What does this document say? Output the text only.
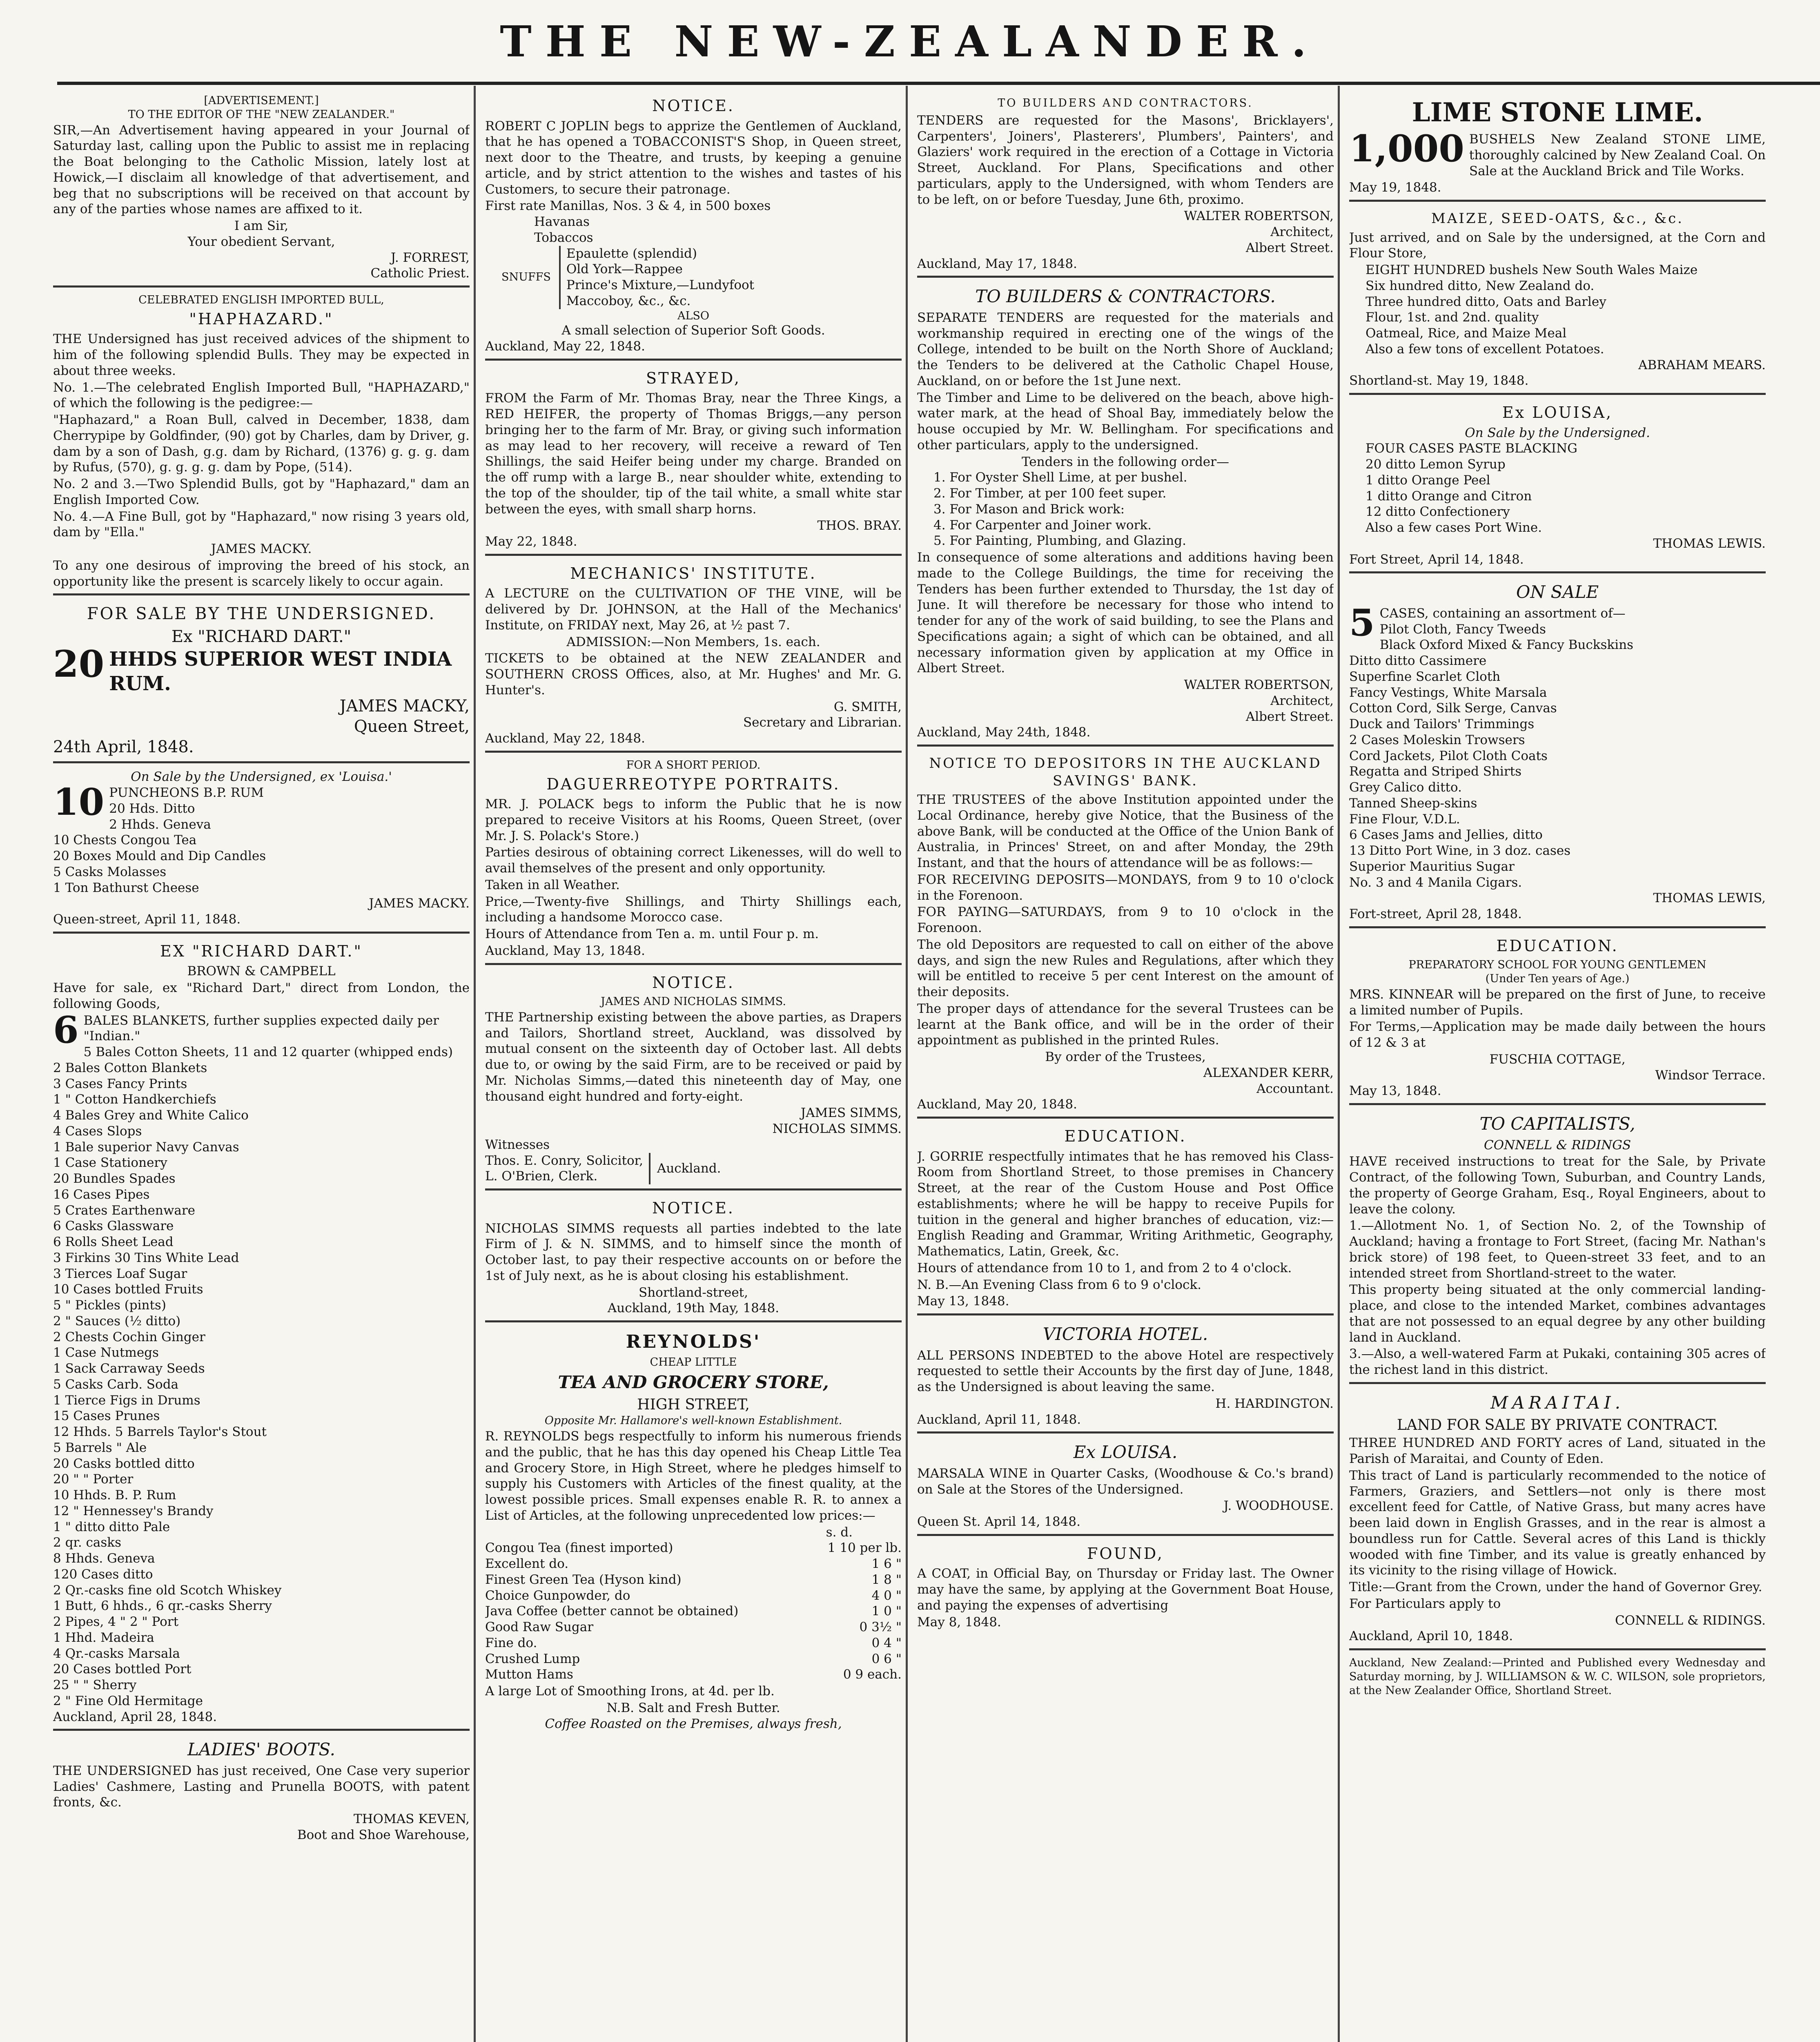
THE NEW-ZEALANDER.
[ADVERTISEMENT.]
TO THE EDITOR OF THE "NEW ZEALANDER."
SIR,—An Advertisement having appeared in your Journal of Saturday last, calling upon the Public to assist me in replacing the Boat belonging to the Catholic Mission, lately lost at Howick,—I disclaim all knowledge of that advertisement, and beg that no subscriptions will be received on that account by any of the parties whose names are affixed to it.
I am Sir,
Your obedient Servant,
J. FORREST,
Catholic Priest.
CELEBRATED ENGLISH IMPORTED BULL,
"HAPHAZARD."
THE Undersigned has just received advices of the shipment to him of the following splendid Bulls. They may be expected in about three weeks.
No. 1.—The celebrated English Imported Bull, "HAPHAZARD," of which the following is the pedigree:—
"Haphazard," a Roan Bull, calved in December, 1838, dam Cherrypipe by Goldfinder, (90) got by Charles, dam by Driver, g. dam by a son of Dash, g.g. dam by Richard, (1376) g. g. g. dam by Rufus, (570), g. g. g. g. dam by Pope, (514).
No. 2 and 3.—Two Splendid Bulls, got by "Haphazard," dam an English Imported Cow.
No. 4.—A Fine Bull, got by "Haphazard," now rising 3 years old, dam by "Ella."
JAMES MACKY.
To any one desirous of improving the breed of his stock, an opportunity like the present is scarcely likely to occur again.
FOR SALE BY THE UNDERSIGNED.
Ex "RICHARD DART."
20 HHDS SUPERIOR WEST INDIA RUM.
JAMES MACKY,
Queen Street,
24th April, 1848.
On Sale by the Undersigned, ex 'Louisa.'
10 PUNCHEONS B.P. RUM
20 Hds. Ditto
2 Hhds. Geneva
10 Chests Congou Tea
20 Boxes Mould and Dip Candles
5 Casks Molasses
1 Ton Bathurst Cheese
JAMES MACKY.
Queen-street, April 11, 1848.
EX "RICHARD DART."
BROWN & CAMPBELL
Have for sale, ex "Richard Dart," direct from London, the following Goods,
6 BALES BLANKETS, further supplies expected daily per "Indian."
5 Bales Cotton Sheets, 11 and 12 quarter (whipped ends)
2 Bales Cotton Blankets
3 Cases Fancy Prints
1 " Cotton Handkerchiefs
4 Bales Grey and White Calico
4 Cases Slops
1 Bale superior Navy Canvas
1 Case Stationery
20 Bundles Spades
16 Cases Pipes
5 Crates Earthenware
6 Casks Glassware
6 Rolls Sheet Lead
3 Firkins 30 Tins White Lead
3 Tierces Loaf Sugar
10 Cases bottled Fruits
5 " Pickles (pints)
2 " Sauces (½ ditto)
2 Chests Cochin Ginger
1 Case Nutmegs
1 Sack Carraway Seeds
5 Casks Carb. Soda
1 Tierce Figs in Drums
15 Cases Prunes
12 Hhds. 5 Barrels Taylor's Stout
5 Barrels " Ale
20 Casks bottled ditto
20 " " Porter
10 Hhds. B. P. Rum
12 " Hennessey's Brandy
1 " ditto ditto Pale
2 qr. casks
8 Hhds. Geneva
120 Cases ditto
2 Qr.-casks fine old Scotch Whiskey
1 Butt, 6 hhds., 6 qr.-casks Sherry
2 Pipes, 4 " 2 " Port
1 Hhd. Madeira
4 Qr.-casks Marsala
20 Cases bottled Port
25 " " Sherry
2 " Fine Old Hermitage
Auckland, April 28, 1848.
LADIES' BOOTS.
THE UNDERSIGNED has just received, One Case very superior Ladies' Cashmere, Lasting and Prunella BOOTS, with patent fronts, &c.
THOMAS KEVEN,
Boot and Shoe Warehouse,
NOTICE.
ROBERT C JOPLIN begs to apprize the Gentlemen of Auckland, that he has opened a TOBACCONIST'S Shop, in Queen street, next door to the Theatre, and trusts, by keeping a genuine article, and by strict attention to the wishes and tastes of his Customers, to secure their patronage.
First rate Manillas, Nos. 3 & 4, in 500 boxes
Havanas
Tobaccos
SNUFFS
Epaulette (splendid)
Old York—Rappee
Prince's Mixture,—Lundyfoot
Maccoboy, &c., &c.
ALSO
A small selection of Superior Soft Goods.
Auckland, May 22, 1848.
STRAYED,
FROM the Farm of Mr. Thomas Bray, near the Three Kings, a RED HEIFER, the property of Thomas Briggs,—any person bringing her to the farm of Mr. Bray, or giving such information as may lead to her recovery, will receive a reward of Ten Shillings, the said Heifer being under my charge. Branded on the off rump with a large B., near shoulder white, extending to the top of the shoulder, tip of the tail white, a small white star between the eyes, with small sharp horns.
THOS. BRAY.
May 22, 1848.
MECHANICS' INSTITUTE.
A LECTURE on the CULTIVATION OF THE VINE, will be delivered by Dr. JOHNSON, at the Hall of the Mechanics' Institute, on FRIDAY next, May 26, at ½ past 7.
ADMISSION:—Non Members, 1s. each.
TICKETS to be obtained at the NEW ZEALANDER and SOUTHERN CROSS Offices, also, at Mr. Hughes' and Mr. G. Hunter's.
G. SMITH,
Secretary and Librarian.
Auckland, May 22, 1848.
FOR A SHORT PERIOD.
DAGUERREOTYPE PORTRAITS.
MR. J. POLACK begs to inform the Public that he is now prepared to receive Visitors at his Rooms, Queen Street, (over Mr. J. S. Polack's Store.)
Parties desirous of obtaining correct Likenesses, will do well to avail themselves of the present and only opportunity.
Taken in all Weather.
Price,—Twenty-five Shillings, and Thirty Shillings each, including a handsome Morocco case.
Hours of Attendance from Ten a. m. until Four p. m.
Auckland, May 13, 1848.
NOTICE.
JAMES AND NICHOLAS SIMMS.
THE Partnership existing between the above parties, as Drapers and Tailors, Shortland street, Auckland, was dissolved by mutual consent on the sixteenth day of October last. All debts due to, or owing by the said Firm, are to be received or paid by Mr. Nicholas Simms,—dated this nineteenth day of May, one thousand eight hundred and forty-eight.
JAMES SIMMS,
NICHOLAS SIMMS.
Witnesses
Thos. E. Conry, Solicitor,
L. O'Brien, Clerk.
Auckland.
NOTICE.
NICHOLAS SIMMS requests all parties indebted to the late Firm of J. & N. SIMMS, and to himself since the month of October last, to pay their respective accounts on or before the 1st of July next, as he is about closing his establishment.
Shortland-street,
Auckland, 19th May, 1848.
REYNOLDS'
CHEAP LITTLE
TEA AND GROCERY STORE,
HIGH STREET,
Opposite Mr. Hallamore's well-known Establishment.
R. REYNOLDS begs respectfully to inform his numerous friends and the public, that he has this day opened his Cheap Little Tea and Grocery Store, in High Street, where he pledges himself to supply his Customers with Articles of the finest quality, at the lowest possible prices. Small expenses enable R. R. to annex a List of Articles, at the following unprecedented low prices:—
s. d.
Congou Tea (finest imported)	1 10 per lb.
Excellent do.	1 6 "
Finest Green Tea (Hyson kind)	1 8 "
Choice Gunpowder, do	4 0 "
Java Coffee (better cannot be obtained)	1 0 "
Good Raw Sugar	0 3½ "
Fine do.	0 4 "
Crushed Lump	0 6 "
Mutton Hams	0 9 each.
A large Lot of Smoothing Irons, at 4d. per lb.
N.B. Salt and Fresh Butter.
Coffee Roasted on the Premises, always fresh,
TO BUILDERS AND CONTRACTORS.
TENDERS are requested for the Masons', Bricklayers', Carpenters', Joiners', Plasterers', Plumbers', Painters', and Glaziers' work required in the erection of a Cottage in Victoria Street, Auckland. For Plans, Specifications and other particulars, apply to the Undersigned, with whom Tenders are to be left, on or before Tuesday, June 6th, proximo.
WALTER ROBERTSON,
Architect,
Albert Street.
Auckland, May 17, 1848.
TO BUILDERS & CONTRACTORS.
SEPARATE TENDERS are requested for the materials and workmanship required in erecting one of the wings of the College, intended to be built on the North Shore of Auckland; the Tenders to be delivered at the Catholic Chapel House, Auckland, on or before the 1st June next.
The Timber and Lime to be delivered on the beach, above high-water mark, at the head of Shoal Bay, immediately below the house occupied by Mr. W. Bellingham. For specifications and other particulars, apply to the undersigned.
Tenders in the following order—
1. For Oyster Shell Lime, at per bushel.
2. For Timber, at per 100 feet super.
3. For Mason and Brick work:
4. For Carpenter and Joiner work.
5. For Painting, Plumbing, and Glazing.
In consequence of some alterations and additions having been made to the College Buildings, the time for receiving the Tenders has been further extended to Thursday, the 1st day of June. It will therefore be necessary for those who intend to tender for any of the work of said building, to see the Plans and Specifications again; a sight of which can be obtained, and all necessary information given by application at my Office in Albert Street.
WALTER ROBERTSON,
Architect,
Albert Street.
Auckland, May 24th, 1848.
NOTICE TO DEPOSITORS IN THE AUCKLAND SAVINGS' BANK.
THE TRUSTEES of the above Institution appointed under the Local Ordinance, hereby give Notice, that the Business of the above Bank, will be conducted at the Office of the Union Bank of Australia, in Princes' Street, on and after Monday, the 29th Instant, and that the hours of attendance will be as follows:—
FOR RECEIVING DEPOSITS—MONDAYS, from 9 to 10 o'clock in the Forenoon.
FOR PAYING—SATURDAYS, from 9 to 10 o'clock in the Forenoon.
The old Depositors are requested to call on either of the above days, and sign the new Rules and Regulations, after which they will be entitled to receive 5 per cent Interest on the amount of their deposits.
The proper days of attendance for the several Trustees can be learnt at the Bank office, and will be in the order of their appointment as published in the printed Rules.
By order of the Trustees,
ALEXANDER KERR,
Accountant.
Auckland, May 20, 1848.
EDUCATION.
J. GORRIE respectfully intimates that he has removed his Class-Room from Shortland Street, to those premises in Chancery Street, at the rear of the Custom House and Post Office establishments; where he will be happy to receive Pupils for tuition in the general and higher branches of education, viz:— English Reading and Grammar, Writing Arithmetic, Geography, Mathematics, Latin, Greek, &c.
Hours of attendance from 10 to 1, and from 2 to 4 o'clock.
N. B.—An Evening Class from 6 to 9 o'clock.
May 13, 1848.
VICTORIA HOTEL.
ALL PERSONS INDEBTED to the above Hotel are respectively requested to settle their Accounts by the first day of June, 1848, as the Undersigned is about leaving the same.
H. HARDINGTON.
Auckland, April 11, 1848.
Ex LOUISA.
MARSALA WINE in Quarter Casks, (Woodhouse & Co.'s brand) on Sale at the Stores of the Undersigned.
J. WOODHOUSE.
Queen St. April 14, 1848.
FOUND,
A COAT, in Official Bay, on Thursday or Friday last. The Owner may have the same, by applying at the Government Boat House, and paying the expenses of advertising
May 8, 1848.
LIME STONE LIME.
1,000 BUSHELS New Zealand STONE LIME, thoroughly calcined by New Zealand Coal. On Sale at the Auckland Brick and Tile Works.
May 19, 1848.
MAIZE, SEED-OATS, &c., &c.
Just arrived, and on Sale by the undersigned, at the Corn and Flour Store,
EIGHT HUNDRED bushels New South Wales Maize
Six hundred ditto, New Zealand do.
Three hundred ditto, Oats and Barley
Flour, 1st. and 2nd. quality
Oatmeal, Rice, and Maize Meal
Also a few tons of excellent Potatoes.
ABRAHAM MEARS.
Shortland-st. May 19, 1848.
Ex LOUISA,
On Sale by the Undersigned.
FOUR CASES PASTE BLACKING
20 ditto Lemon Syrup
1 ditto Orange Peel
1 ditto Orange and Citron
12 ditto Confectionery
Also a few cases Port Wine.
THOMAS LEWIS.
Fort Street, April 14, 1848.
ON SALE
5 CASES, containing an assortment of—
Pilot Cloth, Fancy Tweeds
Black Oxford Mixed & Fancy Buckskins
Ditto ditto Cassimere
Superfine Scarlet Cloth
Fancy Vestings, White Marsala
Cotton Cord, Silk Serge, Canvas
Duck and Tailors' Trimmings
2 Cases Moleskin Trowsers
Cord Jackets, Pilot Cloth Coats
Regatta and Striped Shirts
Grey Calico ditto.
Tanned Sheep-skins
Fine Flour, V.D.L.
6 Cases Jams and Jellies, ditto
13 Ditto Port Wine, in 3 doz. cases
Superior Mauritius Sugar
No. 3 and 4 Manila Cigars.
THOMAS LEWIS,
Fort-street, April 28, 1848.
EDUCATION.
PREPARATORY SCHOOL FOR YOUNG GENTLEMEN
(Under Ten years of Age.)
MRS. KINNEAR will be prepared on the first of June, to receive a limited number of Pupils.
For Terms,—Application may be made daily between the hours of 12 & 3 at
FUSCHIA COTTAGE,
Windsor Terrace.
May 13, 1848.
TO CAPITALISTS,
CONNELL & RIDINGS
HAVE received instructions to treat for the Sale, by Private Contract, of the following Town, Suburban, and Country Lands, the property of George Graham, Esq., Royal Engineers, about to leave the colony.
1.—Allotment No. 1, of Section No. 2, of the Township of Auckland; having a frontage to Fort Street, (facing Mr. Nathan's brick store) of 198 feet, to Queen-street 33 feet, and to an intended street from Shortland-street to the water.
This property being situated at the only commercial landing-place, and close to the intended Market, combines advantages that are not possessed to an equal degree by any other building land in Auckland.
3.—Also, a well-watered Farm at Pukaki, containing 305 acres of the richest land in this district.
MARAITAI.
LAND FOR SALE BY PRIVATE CONTRACT.
THREE HUNDRED AND FORTY acres of Land, situated in the Parish of Maraitai, and County of Eden.
This tract of Land is particularly recommended to the notice of Farmers, Graziers, and Settlers—not only is there most excellent feed for Cattle, of Native Grass, but many acres have been laid down in English Grasses, and in the rear is almost a boundless run for Cattle. Several acres of this Land is thickly wooded with fine Timber, and its value is greatly enhanced by its vicinity to the rising village of Howick.
Title:—Grant from the Crown, under the hand of Governor Grey.
For Particulars apply to
CONNELL & RIDINGS.
Auckland, April 10, 1848.
Auckland, New Zealand:—Printed and Published every Wednesday and Saturday morning, by J. WILLIAMSON & W. C. WILSON, sole proprietors, at the New Zealander Office, Shortland Street.
